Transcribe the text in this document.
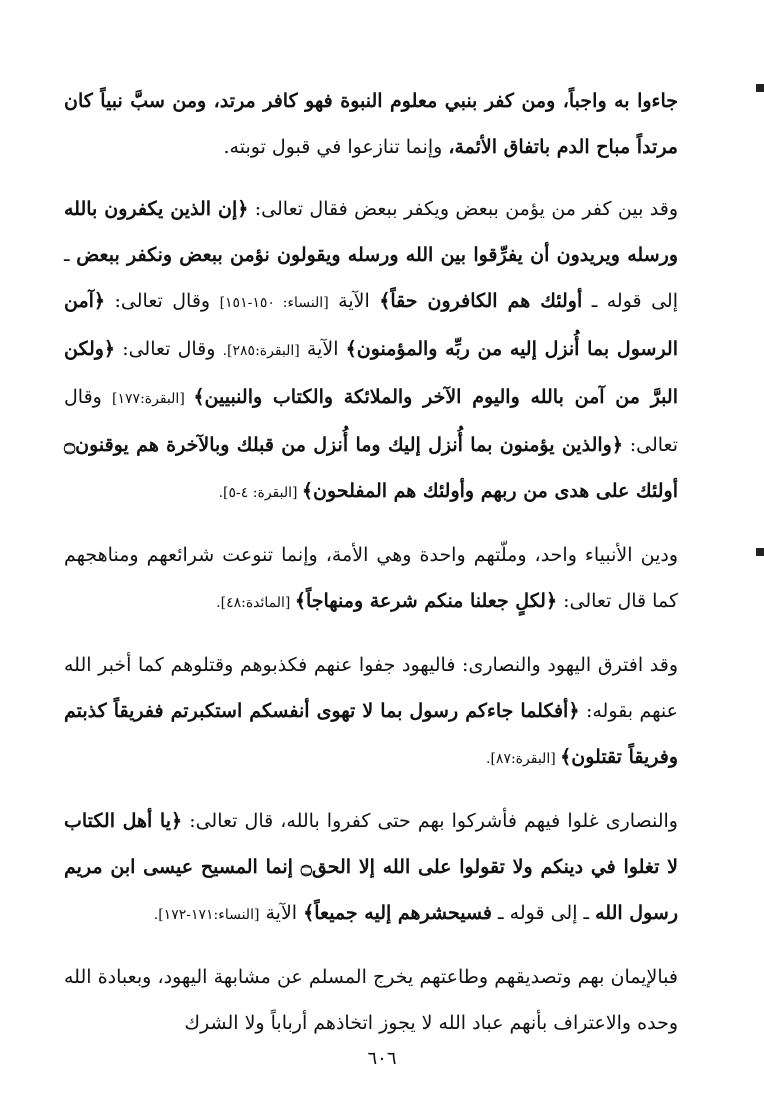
جاءوا به واجباً، ومن كفر بنبي معلوم النبوة فهو كافر مرتد، ومن سبَّ نبياً كان مرتداً مباح الدم باتفاق الأئمة، وإنما تنازعوا في قبول توبته.

وقد بين كفر من يؤمن ببعض ويكفر ببعض فقال تعالى: ﴿إن الذين يكفرون بالله ورسله ويريدون أن يفرِّقوا بين الله ورسله ويقولون نؤمن ببعض ونكفر ببعض ـ إلى قوله ـ أولئك هم الكافرون حقاً﴾ الآية [النساء: ١٥٠-١٥١] وقال تعالى: ﴿آمن الرسول بما أُنزل إليه من ربِّه والمؤمنون﴾ الآية [البقرة:٢٨٥]. وقال تعالى: ﴿ولكن البرَّ من آمن بالله واليوم الآخر والملائكة والكتاب والنبيين﴾ [البقرة:١٧٧] وقال تعالى: ﴿والذين يؤمنون بما أُنزل إليك وما أُنزل من قبلك وبالآخرة هم يوقنون۝ أولئك على هدى من ربهم وأولئك هم المفلحون﴾ [البقرة: ٤-٥].

ودين الأنبياء واحد، وملّتهم واحدة وهي الأمة، وإنما تنوعت شرائعهم ومناهجهم كما قال تعالى: ﴿لكلٍ جعلنا منكم شرعة ومنهاجاً﴾ [المائدة:٤٨].

وقد افترق اليهود والنصارى: فاليهود جفوا عنهم فكذبوهم وقتلوهم كما أخبر الله عنهم بقوله: ﴿أفكلما جاءكم رسول بما لا تهوى أنفسكم استكبرتم ففريقاً كذبتم وفريقاً تقتلون﴾ [البقرة:٨٧].

والنصارى غلوا فيهم فأشركوا بهم حتى كفروا بالله، قال تعالى: ﴿يا أهل الكتاب لا تغلوا في دينكم ولا تقولوا على الله إلا الحق۝ إنما المسيح عيسى ابن مريم رسول الله ـ إلى قوله ـ فسيحشرهم إليه جميعاً﴾ الآية [النساء:١٧١-١٧٢].

فبالإيمان بهم وتصديقهم وطاعتهم يخرج المسلم عن مشابهة اليهود، وبعبادة الله وحده والاعتراف بأنهم عباد الله لا يجوز اتخاذهم أرباباً ولا الشرك

٦٠٦
